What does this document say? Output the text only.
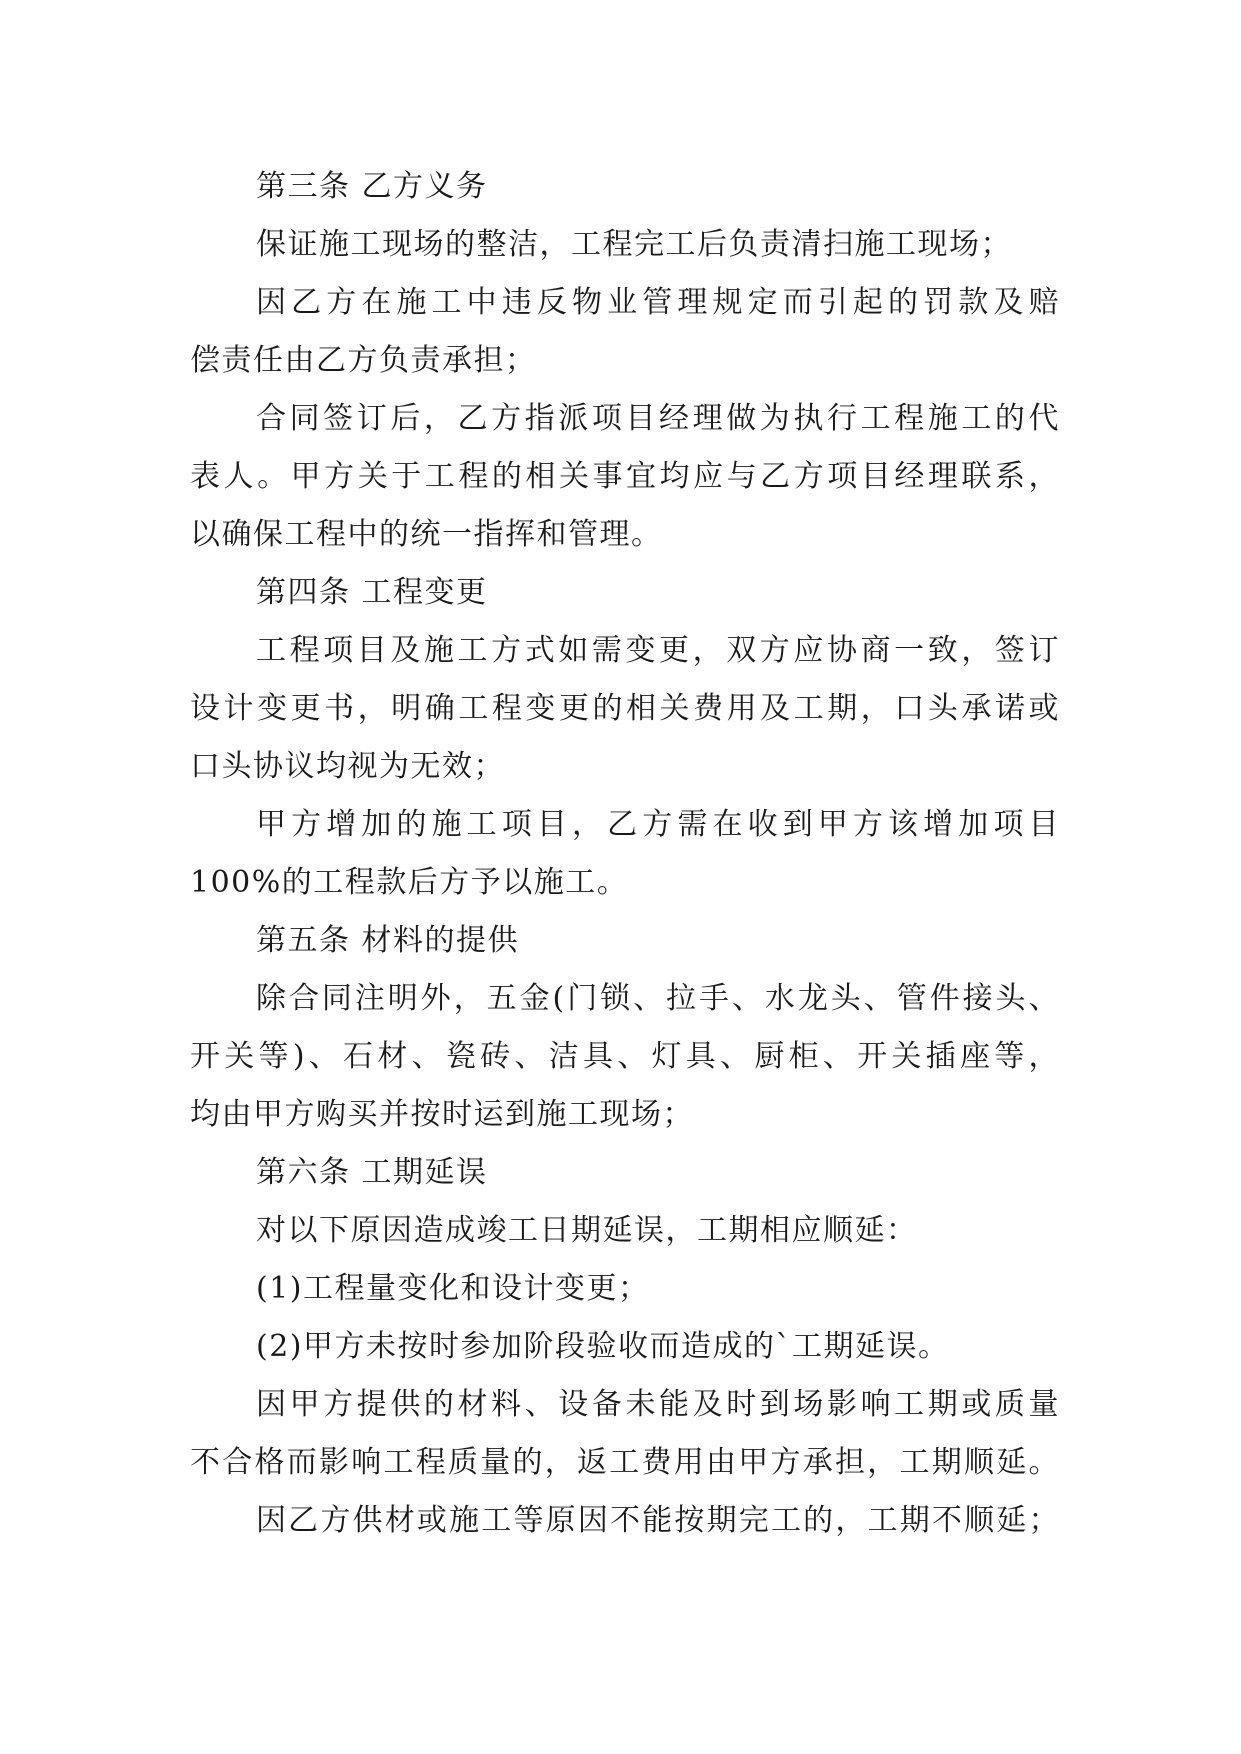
第三条 乙方义务
保证施工现场的整洁，工程完工后负责清扫施工现场；
因乙方在施工中违反物业管理规定而引起的罚款及赔
偿责任由乙方负责承担；
合同签订后，乙方指派项目经理做为执行工程施工的代
表人。甲方关于工程的相关事宜均应与乙方项目经理联系，
以确保工程中的统一指挥和管理。
第四条 工程变更
工程项目及施工方式如需变更，双方应协商一致，签订
设计变更书，明确工程变更的相关费用及工期，口头承诺或
口头协议均视为无效；
甲方增加的施工项目，乙方需在收到甲方该增加项目
100%的工程款后方予以施工。
第五条 材料的提供
除合同注明外，五金(门锁、拉手、水龙头、管件接头、
开关等)、石材、瓷砖、洁具、灯具、厨柜、开关插座等，
均由甲方购买并按时运到施工现场；
第六条 工期延误
对以下原因造成竣工日期延误，工期相应顺延：
(1)工程量变化和设计变更；
(2)甲方未按时参加阶段验收而造成的`工期延误。
因甲方提供的材料、设备未能及时到场影响工期或质量
不合格而影响工程质量的，返工费用由甲方承担，工期顺延。
因乙方供材或施工等原因不能按期完工的，工期不顺延；
